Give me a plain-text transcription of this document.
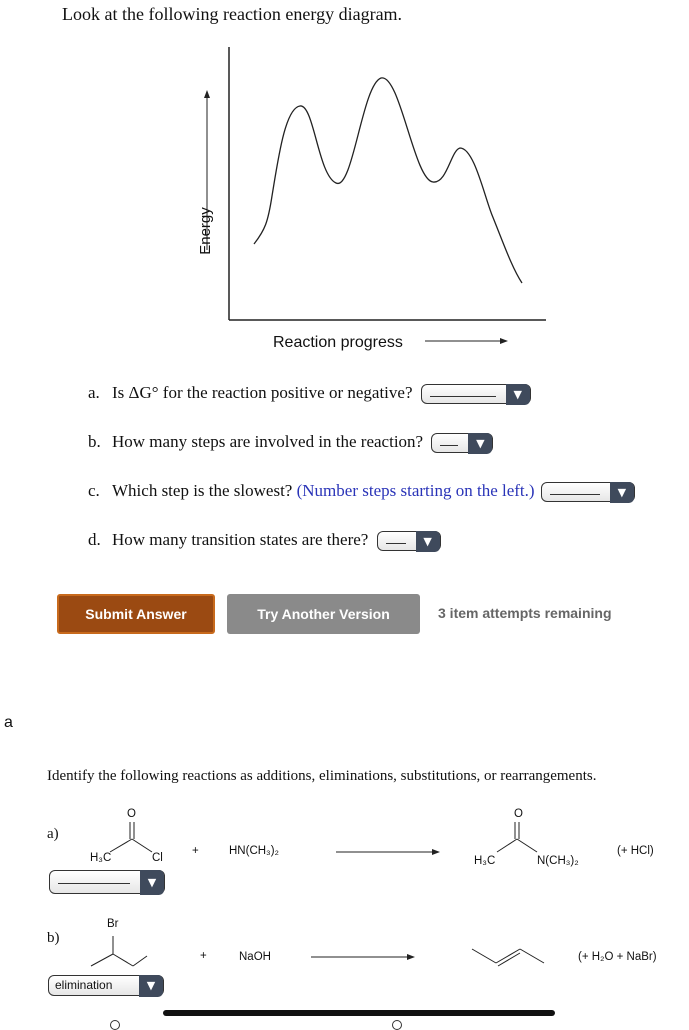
Look at the following reaction energy diagram.
Energy
Reaction progress
a. Is ΔG° for the reaction positive or negative?	▼
b. How many steps are involved in the reaction?	▼
c. Which step is the slowest? (Number steps starting on the left.)	▼
d. How many transition states are there?	▼
Submit Answer	Try Another Version	3 item attempts remaining
a
Identify the following reactions as additions, eliminations, substitutions, or rearrangements.
a)
O
H₃C	Cl
+	HN(CH₃)₂
O
H₃C	N(CH₃)₂
(+ HCl)
▼
b)
Br
+	NaOH	(+ H₂O + NaBr)
elimination	▼
